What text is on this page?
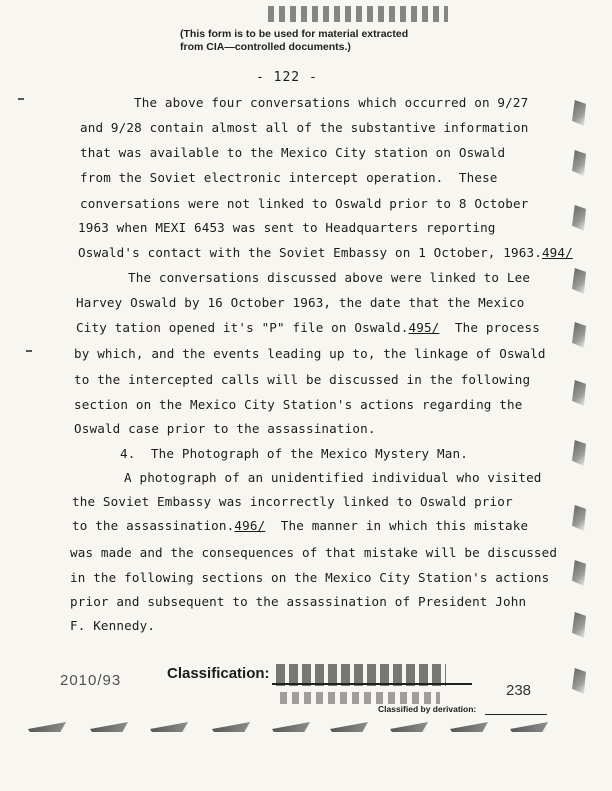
(This form is to be used for material extracted
from CIA—controlled documents.)
- 122 -
The above four conversations which occurred on 9/27
and 9/28 contain almost all of the substantive information
that was available to the Mexico City station on Oswald
from the Soviet electronic intercept operation.  These
conversations were not linked to Oswald prior to 8 October
1963 when MEXI 6453 was sent to Headquarters reporting
Oswald's contact with the Soviet Embassy on 1 October, 1963.494/
The conversations discussed above were linked to Lee
Harvey Oswald by 16 October 1963, the date that the Mexico
City tation opened it's "P" file on Oswald.495/  The process
by which, and the events leading up to, the linkage of Oswald
to the intercepted calls will be discussed in the following
section on the Mexico City Station's actions regarding the
Oswald case prior to the assassination.
4.  The Photograph of the Mexico Mystery Man.
A photograph of an unidentified individual who visited
the Soviet Embassy was incorrectly linked to Oswald prior
to the assassination.496/  The manner in which this mistake
was made and the consequences of that mistake will be discussed
in the following sections on the Mexico City Station's actions
prior and subsequent to the assassination of President John
F. Kennedy.
2010/93	Classification:
238
Classified by derivation:
